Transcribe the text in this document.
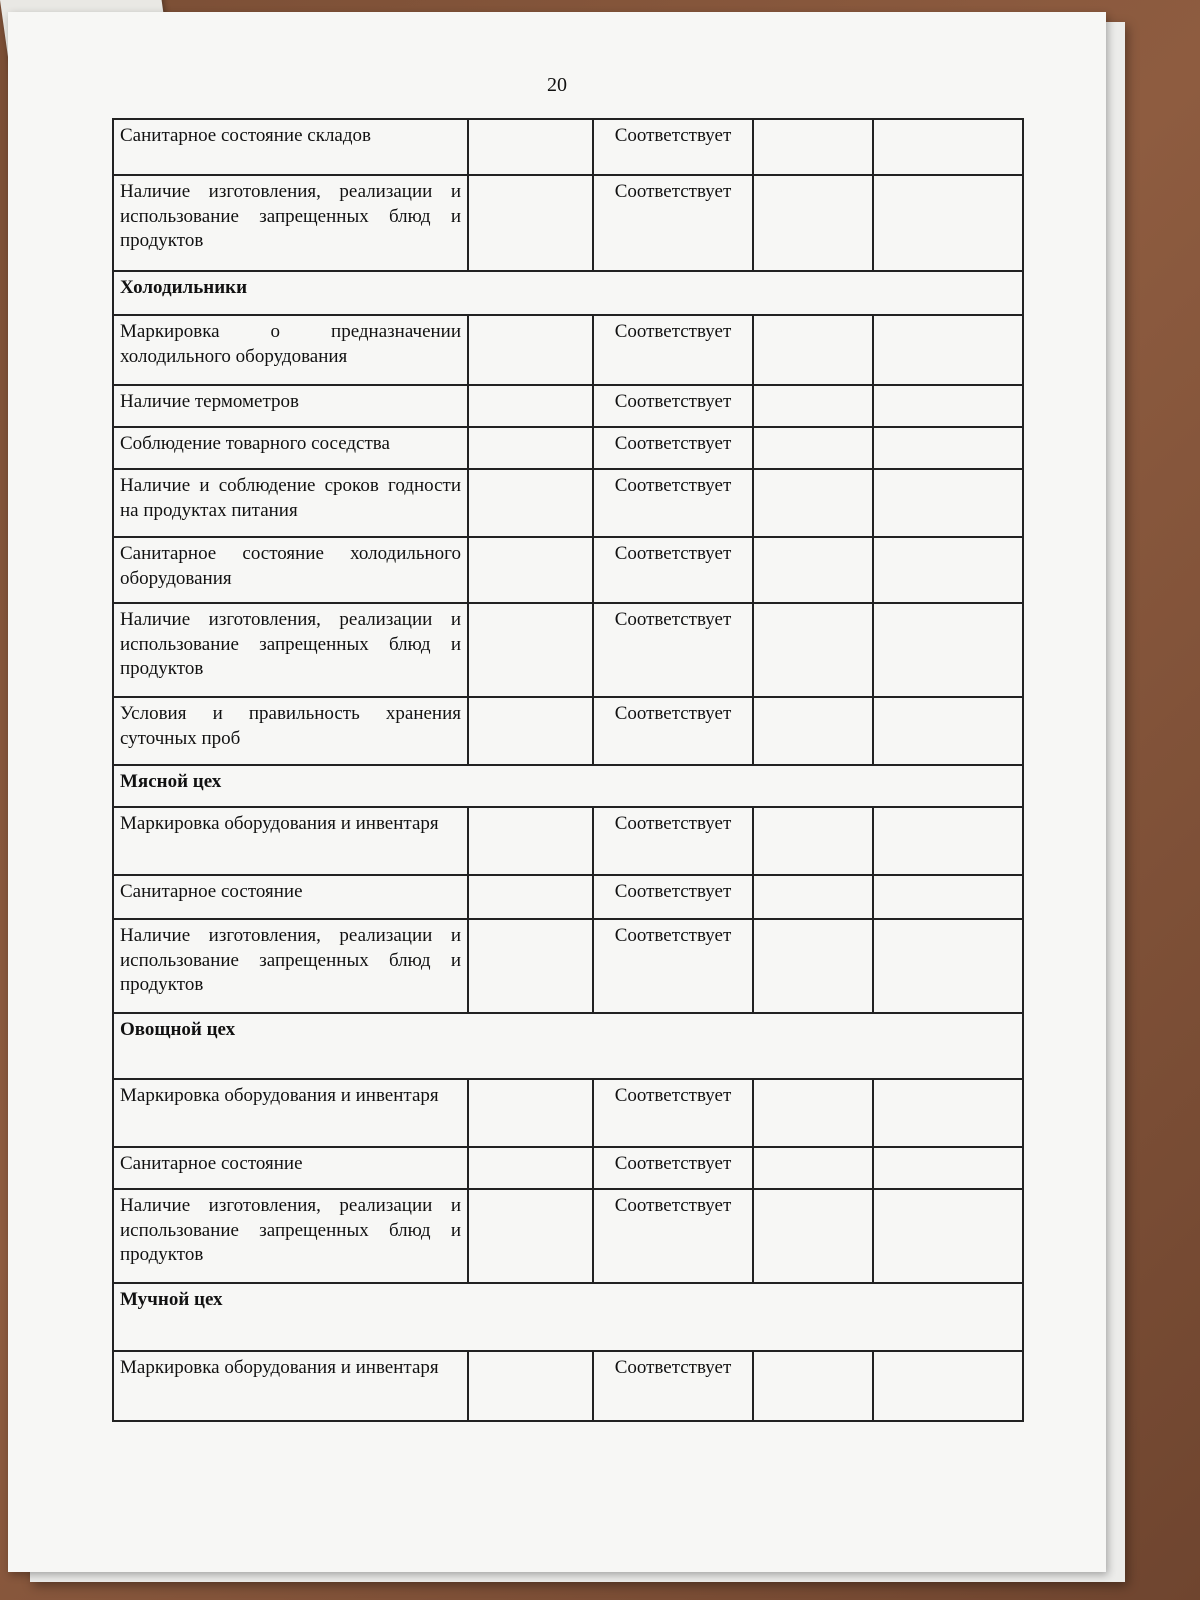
20
Санитарное состояние складов		Соответствует		
Наличие изготовления, реализации и использование запрещенных блюд и продуктов		Соответствует		
Холодильники				
Маркировка о предназначении холодильного оборудования		Соответствует		
Наличие термометров		Соответствует		
Соблюдение товарного соседства		Соответствует		
Наличие и соблюдение сроков годности на продуктах питания		Соответствует		
Санитарное состояние холодильного оборудования		Соответствует		
Наличие изготовления, реализации и использование запрещенных блюд и продуктов		Соответствует		
Условия и правильность хранения суточных проб		Соответствует		
Мясной цех				
Маркировка оборудования и инвентаря		Соответствует		
Санитарное состояние		Соответствует		
Наличие изготовления, реализации и использование запрещенных блюд и продуктов		Соответствует		
Овощной цех				
Маркировка оборудования и инвентаря		Соответствует		
Санитарное состояние		Соответствует		
Наличие изготовления, реализации и использование запрещенных блюд и продуктов		Соответствует		
Мучной цех				
Маркировка оборудования и инвентаря		Соответствует		
